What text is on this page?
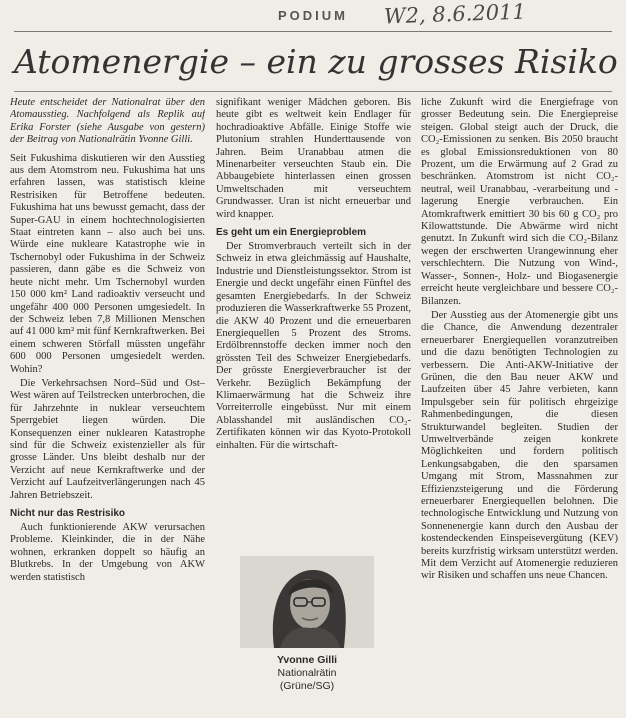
PODIUM	W2, 8.6.2011
Atomenergie – ein zu grosses Risiko

Heute entscheidet der Nationalrat über den Atomausstieg. Nachfolgend als Replik auf Erika Forster (siehe Ausgabe von gestern) der Beitrag von Nationalrätin Yvonne Gilli.

Seit Fukushima diskutieren wir den Ausstieg aus dem Atomstrom neu. Fukushima hat uns erfahren lassen, was statistisch kleine Restrisiken für Betroffene bedeuten. Fukushima hat uns bewusst gemacht, dass der Super-GAU in einem hochtechnologisierten Staat eintreten kann – also auch bei uns. Würde eine nukleare Katastrophe wie in Tschernobyl oder Fukushima in der Schweiz passieren, dann gäbe es die Schweiz von heute nicht mehr. Um Tschernobyl wurden 150 000 km² Land radioaktiv verseucht und ungefähr 400 000 Personen umgesiedelt. In der Schweiz leben 7,8 Millionen Menschen auf 41 000 km² mit fünf Kernkraftwerken. Bei einem schweren Störfall müssten ungefähr 600 000 Personen umgesiedelt werden. Wohin?

Die Verkehrsachsen Nord–Süd und Ost–West wären auf Teilstrecken unterbrochen, die für Jahrzehnte in nuklear verseuchtem Sperrgebiet liegen würden. Die Konsequenzen einer nuklearen Katastrophe sind für die Schweiz existenzieller als für grosse Länder. Uns bleibt deshalb nur der Verzicht auf neue Kernkraftwerke und der Verzicht auf Laufzeitverlängerungen nach 45 Jahren Betriebszeit.

Nicht nur das Restrisiko

Auch funktionierende AKW verursachen Probleme. Kleinkinder, die in der Nähe wohnen, erkranken doppelt so häufig an Blutkrebs. In der Umgebung von AKW werden statistisch

signifikant weniger Mädchen geboren. Bis heute gibt es weltweit kein Endlager für hochradioaktive Abfälle. Einige Stoffe wie Plutonium strahlen Hunderttausende von Jahren. Beim Uranabbau atmen die Minenarbeiter verseuchten Staub ein. Die Abbaugebiete hinterlassen einen grossen Umweltschaden mit verseuchtem Grundwasser. Uran ist nicht erneuerbar und wird knapper.

Es geht um ein Energieproblem

Der Stromverbrauch verteilt sich in der Schweiz in etwa gleichmässig auf Haushalte, Industrie und Dienstleistungssektor. Strom ist Energie und deckt ungefähr einen Fünftel des gesamten Energiebedarfs. In der Schweiz produzieren die Wasserkraftwerke 55 Prozent, die AKW 40 Prozent und die erneuerbaren Energiequellen 5 Prozent des Stroms. Erdölbrennstoffe decken immer noch den grössten Teil des Schweizer Energiebedarfs. Der grösste Energieverbraucher ist der Verkehr. Bezüglich Bekämpfung der Klimaerwärmung hat die Schweiz ihre Vorreiterrolle eingebüsst. Nur mit einem Ablasshandel mit ausländischen CO₂-Zertifikaten können wir das Kyoto-Protokoll einhalten. Für die wirtschaft-

liche Zukunft wird die Energiefrage von grosser Bedeutung sein. Die Energiepreise steigen. Global steigt auch der Druck, die CO₂-Emissionen zu senken. Bis 2050 braucht es global Emissionsreduktionen von 80 Prozent, um die Erwärmung auf 2 Grad zu beschränken. Atomstrom ist nicht CO₂-neutral, weil Uranabbau, -verarbeitung und -lagerung Energie verbrauchen. Ein Atomkraftwerk emittiert 30 bis 60 g CO₂ pro Kilowattstunde. Die Abwärme wird nicht genutzt. In Zukunft wird sich die CO₂-Bilanz wegen der erschwerten Urangewinnung eher verschlechtern. Die Nutzung von Wind-, Wasser-, Sonnen-, Holz- und Biogasenergie erreicht heute vergleichbare und bessere CO₂-Bilanzen.

Der Ausstieg aus der Atomenergie gibt uns die Chance, die Anwendung dezentraler erneuerbarer Energiequellen voranzutreiben und die dazu benötigten Technologien zu verbessern. Die Anti-AKW-Initiative der Grünen, die den Bau neuer AKW und Laufzeiten über 45 Jahre verbieten, kann Impulsgeber sein für politisch ehrgeizige Rahmenbedingungen, die diesen Strukturwandel begleiten. Studien der Umweltverbände zeigen konkrete Möglichkeiten und fordern politisch Lenkungsabgaben, die den sparsamen Umgang mit Strom, Massnahmen zur Effizienzsteigerung und die Förderung erneuerbarer Energiequellen belohnen. Die technologische Entwicklung und Nutzung von Sonnenenergie kann durch den Ausbau der kostendeckenden Einspeisevergütung (KEV) bereits kurzfristig wirksam unterstützt werden. Mit dem Verzicht auf Atomenergie reduzieren wir Risiken und schaffen uns neue Chancen.

Yvonne Gilli
Nationalrätin
(Grüne/SG)
